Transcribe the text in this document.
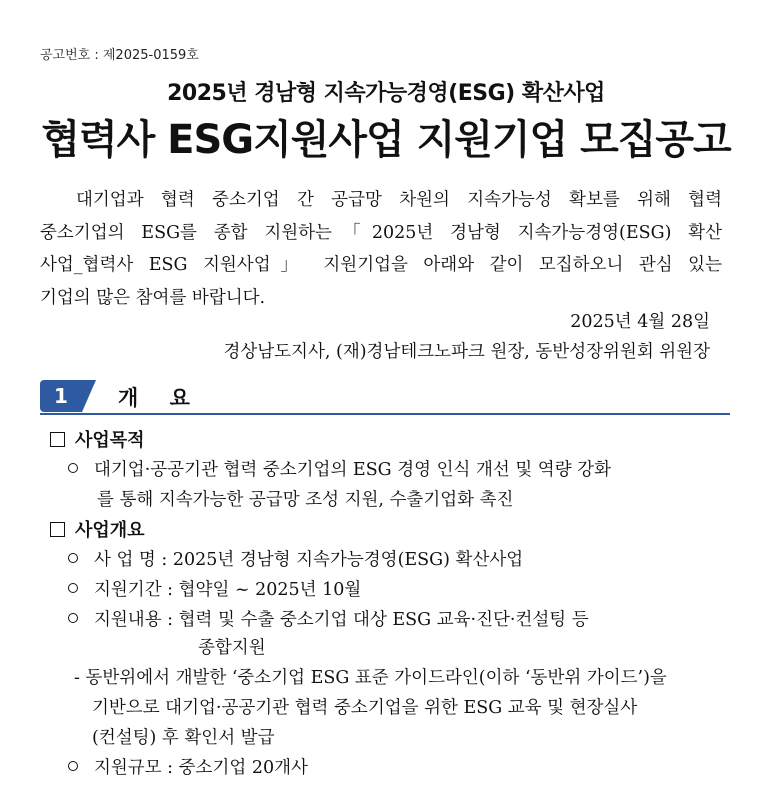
공고번호 : 제2025-0159호
2025년 경남형 지속가능경영(ESG) 확산사업
협력사 ESG지원사업 지원기업 모집공고
대기업과 협력 중소기업 간 공급망 차원의 지속가능성 확보를 위해 협력
중소기업의 ESG를 종합 지원하는「2025년 경남형 지속가능경영(ESG) 확산
사업_협력사 ESG 지원사업」 지원기업을 아래와 같이 모집하오니 관심 있는
기업의 많은 참여를 바랍니다.
2025년 4월 28일
경상남도지사, (재)경남테크노파크 원장, 동반성장위원회 위원장
1	개 요
사업목적
대기업·공공기관 협력 중소기업의 ESG 경영 인식 개선 및 역량 강화
를 통해 지속가능한 공급망 조성 지원, 수출기업화 촉진
사업개요
사 업 명 : 2025년 경남형 지속가능경영(ESG) 확산사업
지원기간 : 협약일 ~ 2025년 10월
지원내용 : 협력 및 수출 중소기업 대상 ESG 교육·진단·컨설팅 등
종합지원
- 동반위에서 개발한 ‘중소기업 ESG 표준 가이드라인(이하 ‘동반위 가이드’)을
기반으로 대기업·공공기관 협력 중소기업을 위한 ESG 교육 및 현장실사
(컨설팅) 후 확인서 발급
지원규모 : 중소기업 20개사
